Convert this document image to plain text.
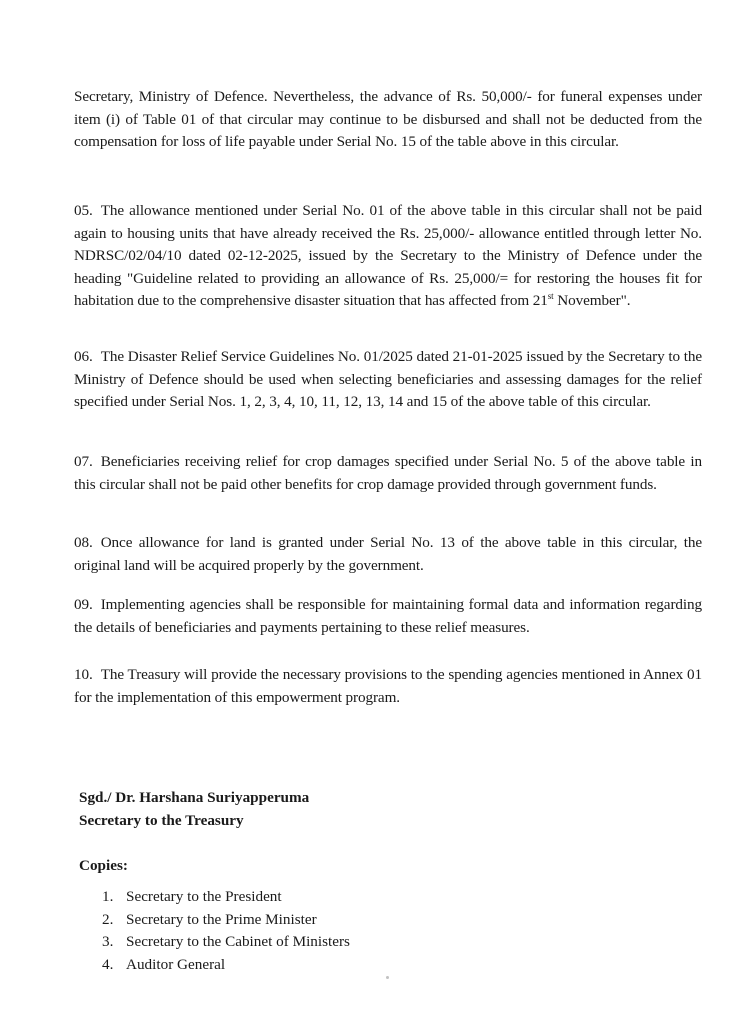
Secretary, Ministry of Defence. Nevertheless, the advance of Rs. 50,000/- for funeral expenses under item (i) of Table 01 of that circular may continue to be disbursed and shall not be deducted from the compensation for loss of life payable under Serial No. 15 of the table above in this circular.

05. The allowance mentioned under Serial No. 01 of the above table in this circular shall not be paid again to housing units that have already received the Rs. 25,000/- allowance entitled through letter No. NDRSC/02/04/10 dated 02-12-2025, issued by the Secretary to the Ministry of Defence under the heading "Guideline related to providing an allowance of Rs. 25,000/= for restoring the houses fit for habitation due to the comprehensive disaster situation that has affected from 21st November".

06. The Disaster Relief Service Guidelines No. 01/2025 dated 21-01-2025 issued by the Secretary to the Ministry of Defence should be used when selecting beneficiaries and assessing damages for the relief specified under Serial Nos. 1, 2, 3, 4, 10, 11, 12, 13, 14 and 15 of the above table of this circular.

07. Beneficiaries receiving relief for crop damages specified under Serial No. 5 of the above table in this circular shall not be paid other benefits for crop damage provided through government funds.

08. Once allowance for land is granted under Serial No. 13 of the above table in this circular, the original land will be acquired properly by the government.

09. Implementing agencies shall be responsible for maintaining formal data and information regarding the details of beneficiaries and payments pertaining to these relief measures.

10. The Treasury will provide the necessary provisions to the spending agencies mentioned in Annex 01 for the implementation of this empowerment program.

Sgd./ Dr. Harshana Suriyapperuma
Secretary to the Treasury
Copies:
1. Secretary to the President
2. Secretary to the Prime Minister
3. Secretary to the Cabinet of Ministers
4. Auditor General
